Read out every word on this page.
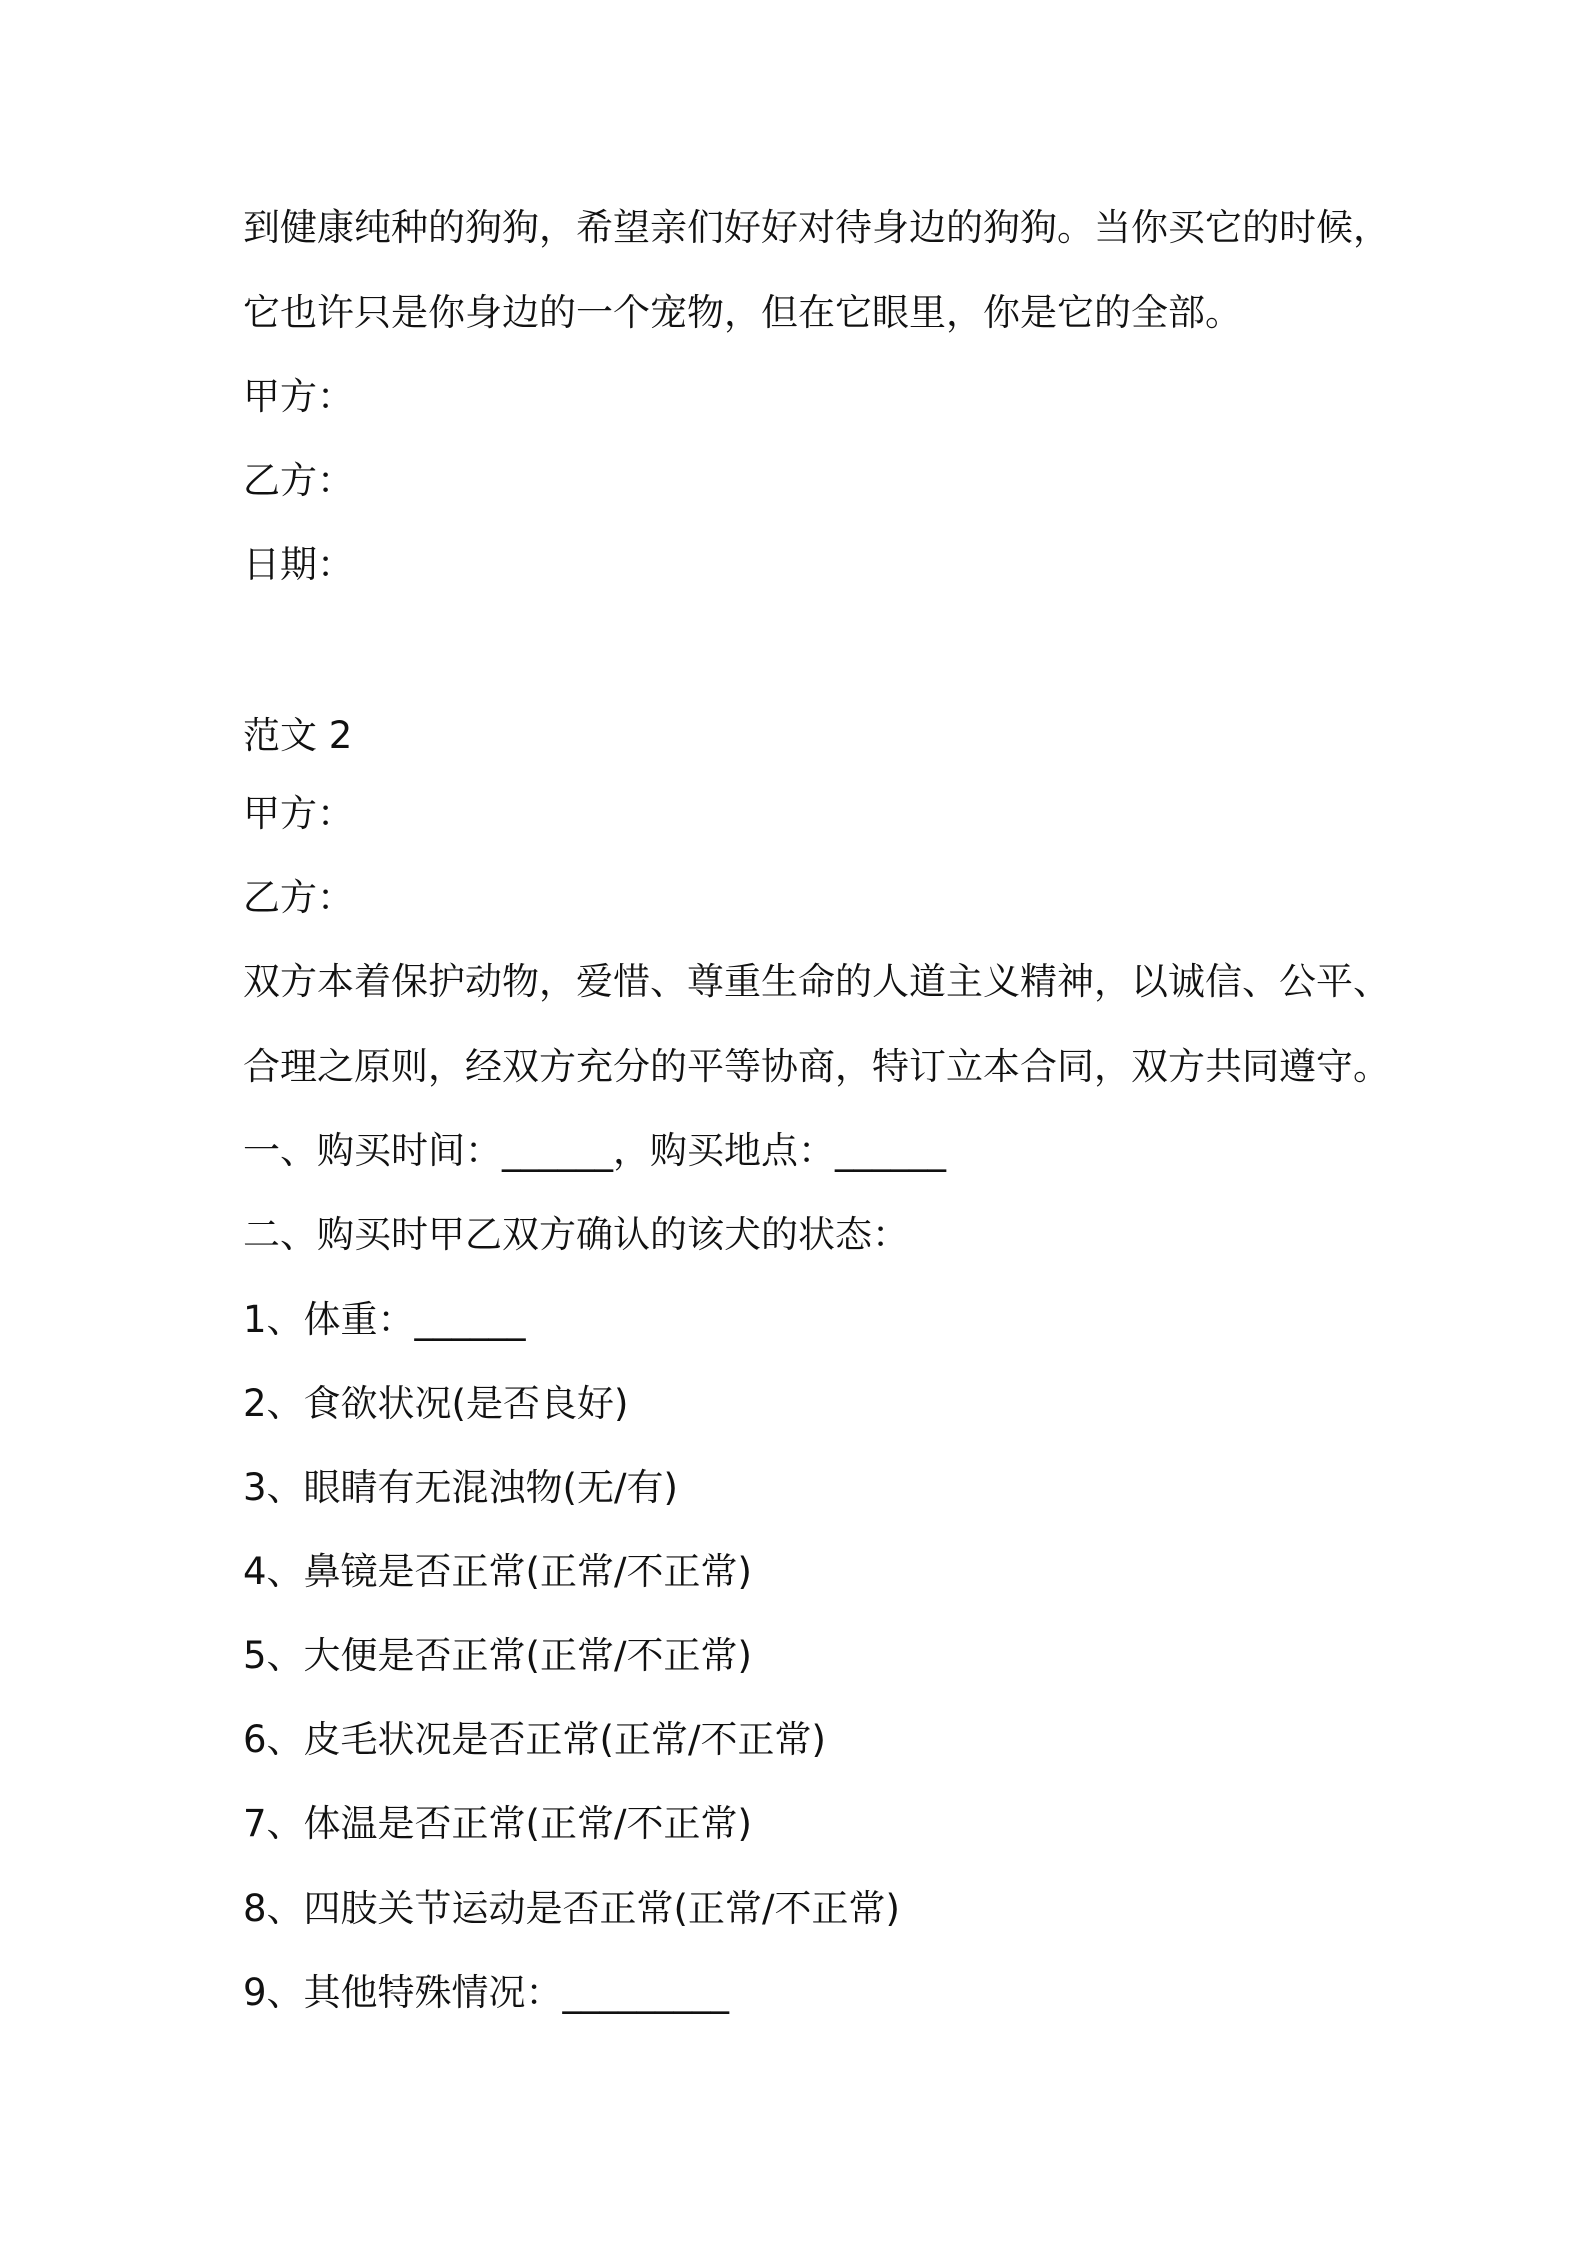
到健康纯种的狗狗，希望亲们好好对待身边的狗狗。当你买它的时候，
它也许只是你身边的一个宠物，但在它眼里，你是它的全部。
甲方：
乙方：
日期：
范文 2
甲方：
乙方：
双方本着保护动物，爱惜、尊重生命的人道主义精神，以诚信、公平、
合理之原则，经双方充分的平等协商，特订立本合同，双方共同遵守。
一、购买时间：______，购买地点：______
二、购买时甲乙双方确认的该犬的状态：
1、体重：______
2、食欲状况(是否良好)
3、眼睛有无混浊物(无/有)
4、鼻镜是否正常(正常/不正常)
5、大便是否正常(正常/不正常)
6、皮毛状况是否正常(正常/不正常)
7、体温是否正常(正常/不正常)
8、四肢关节运动是否正常(正常/不正常)
9、其他特殊情况：_________
